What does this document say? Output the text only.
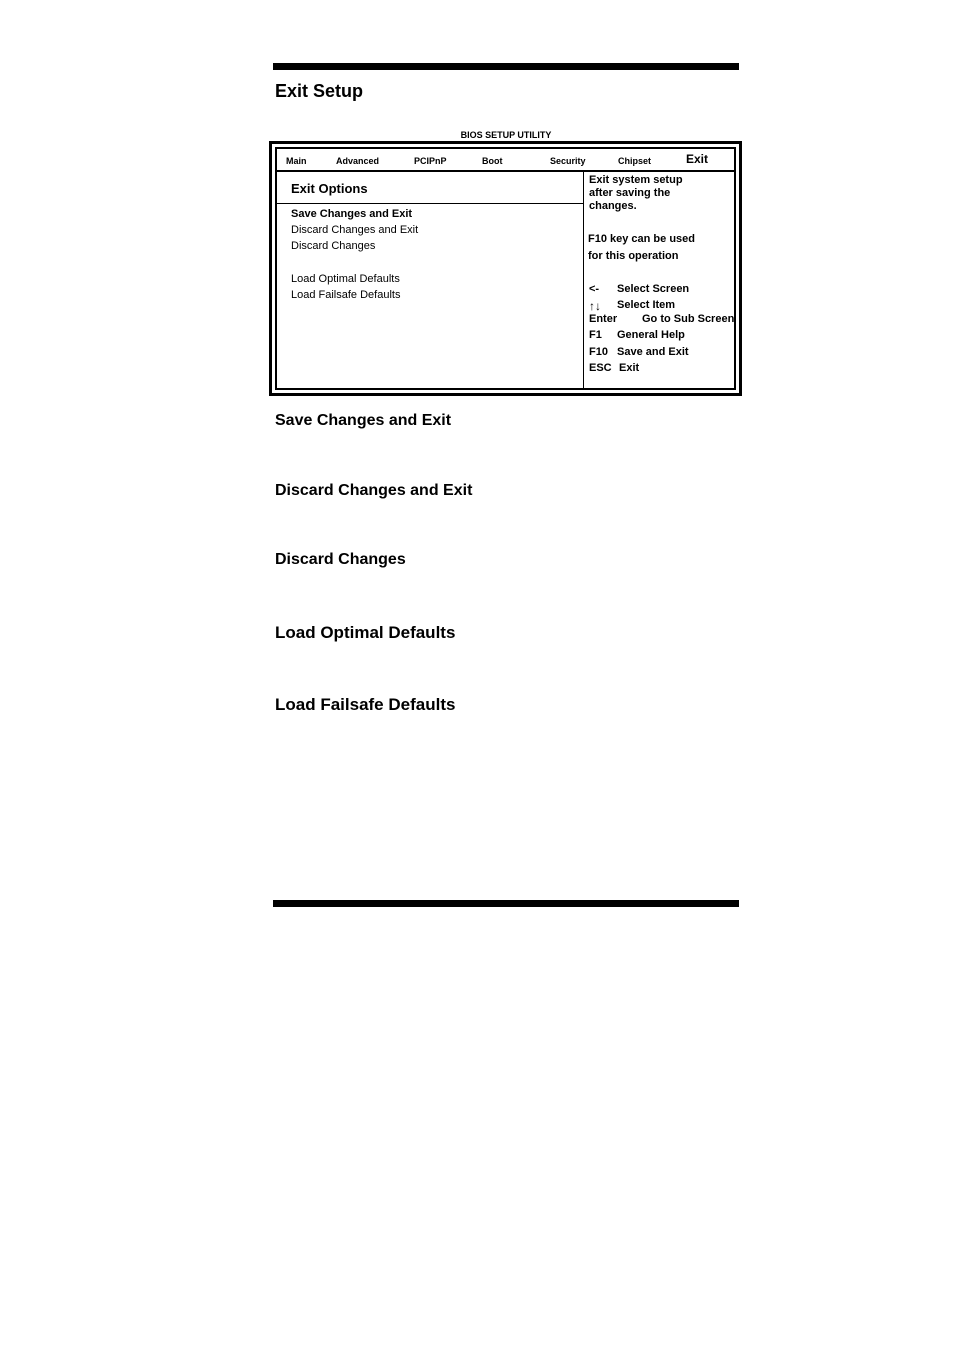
Exit Setup
BIOS SETUP UTILITY
Main	Advanced	PCIPnP	Boot	Security	Chipset	Exit
Exit Options
Save Changes and Exit
Discard Changes and Exit
Discard Changes
Load Optimal Defaults
Load Failsafe Defaults
Exit system setup
after saving the
changes.
F10 key can be used
for this operation
<- Select Screen
↑↓ Select Item
Enter Go to Sub Screen
F1 General Help
F10 Save and Exit
ESC Exit
Save Changes and Exit
Discard Changes and Exit
Discard Changes
Load Optimal Defaults
Load Failsafe Defaults
